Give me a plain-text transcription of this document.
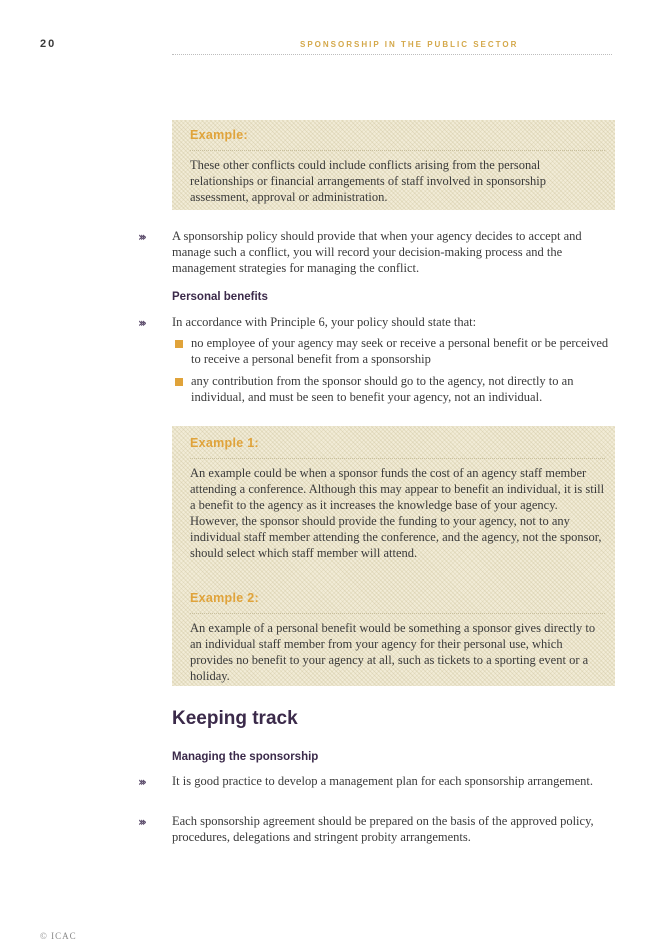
20	SPONSORSHIP IN THE PUBLIC SECTOR
Example:
These other conflicts could include conflicts arising from the personal relationships or financial arrangements of staff involved in sponsorship assessment, approval or administration.
›››	A sponsorship policy should provide that when your agency decides to accept and manage such a conflict, you will record your decision-making process and the management strategies for managing the conflict.
Personal benefits
›››	In accordance with Principle 6, your policy should state that:
no employee of your agency may seek or receive a personal benefit or be perceived to receive a personal benefit from a sponsorship
any contribution from the sponsor should go to the agency, not directly to an individual, and must be seen to benefit your agency, not an individual.
Example 1:
An example could be when a sponsor funds the cost of an agency staff member attending a conference. Although this may appear to benefit an individual, it is still a benefit to the agency as it increases the knowledge base of your agency. However, the sponsor should provide the funding to your agency, not to any individual staff member attending the conference, and the agency, not the sponsor, should select which staff member will attend.
Example 2:
An example of a personal benefit would be something a sponsor gives directly to an individual staff member from your agency for their personal use, which provides no benefit to your agency at all, such as tickets to a sporting event or a holiday.
Keeping track
Managing the sponsorship
›››	It is good practice to develop a management plan for each sponsorship arrangement.
›››	Each sponsorship agreement should be prepared on the basis of the approved policy, procedures, delegations and stringent probity arrangements.
© ICAC
